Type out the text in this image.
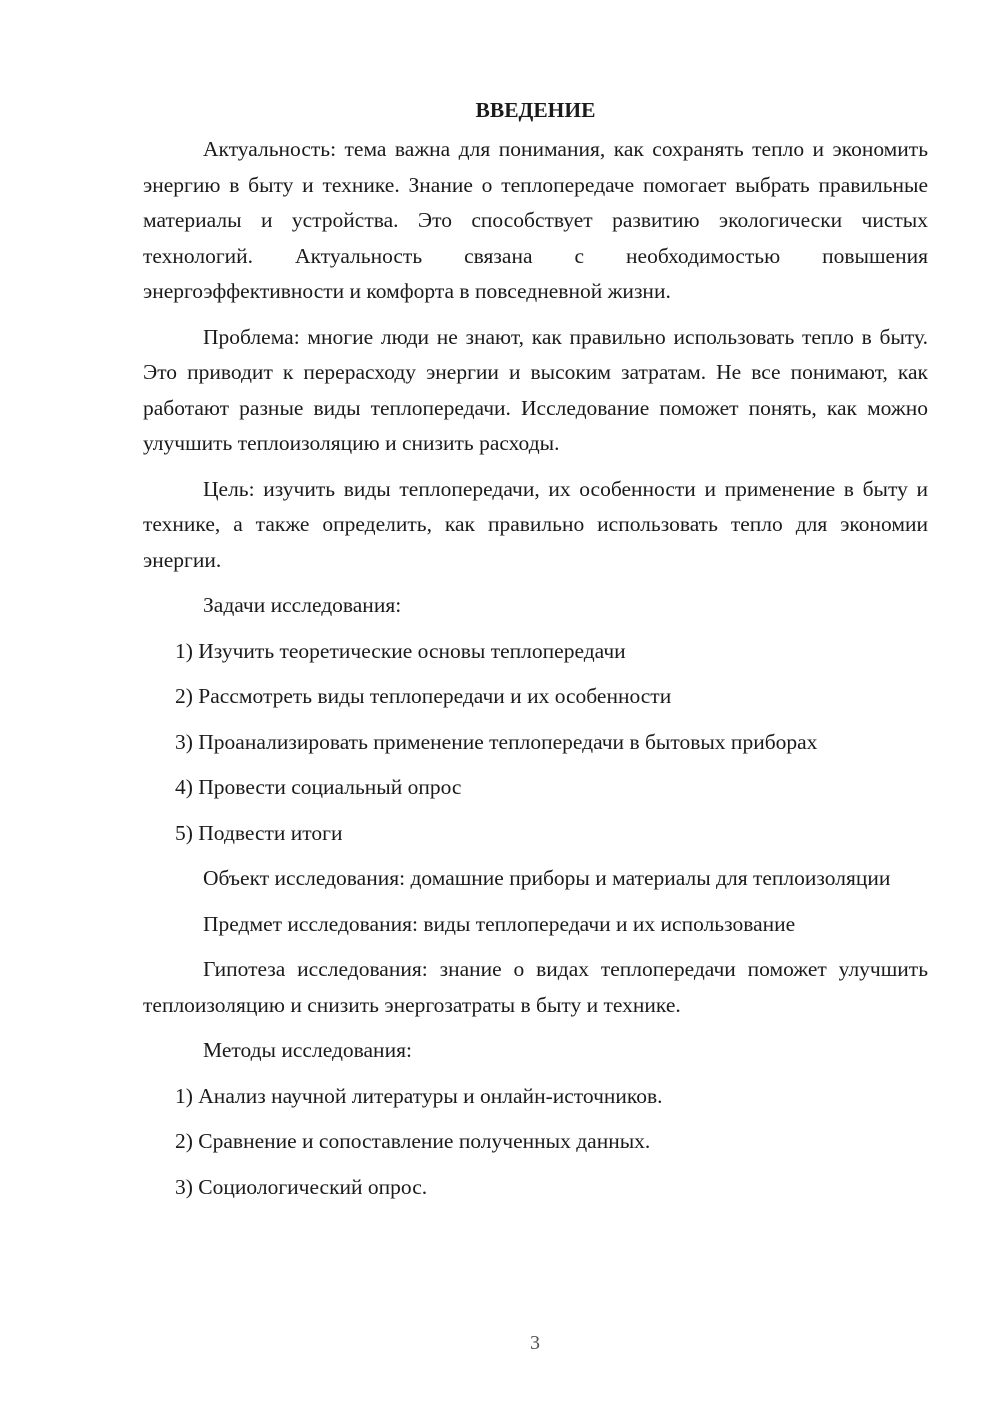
ВВЕДЕНИЕ

Актуальность: тема важна для понимания, как сохранять тепло и экономить энергию в быту и технике. Знание о теплопередаче помогает выбрать правильные материалы и устройства. Это способствует развитию экологически чистых технологий. Актуальность связана с необходимостью повышения энергоэффективности и комфорта в повседневной жизни.

Проблема: многие люди не знают, как правильно использовать тепло в быту. Это приводит к перерасходу энергии и высоким затратам. Не все понимают, как работают разные виды теплопередачи. Исследование поможет понять, как можно улучшить теплоизоляцию и снизить расходы.

Цель: изучить виды теплопередачи, их особенности и применение в быту и технике, а также определить, как правильно использовать тепло для экономии энергии.

Задачи исследования:

1) Изучить теоретические основы теплопередачи
2) Рассмотреть виды теплопередачи и их особенности
3) Проанализировать применение теплопередачи в бытовых приборах
4) Провести социальный опрос
5) Подвести итоги

Объект исследования: домашние приборы и материалы для теплоизоляции

Предмет исследования: виды теплопередачи и их использование

Гипотеза исследования: знание о видах теплопередачи поможет улучшить теплоизоляцию и снизить энергозатраты в быту и технике.

Методы исследования:

1) Анализ научной литературы и онлайн-источников.
2) Сравнение и сопоставление полученных данных.
3) Социологический опрос.
3
